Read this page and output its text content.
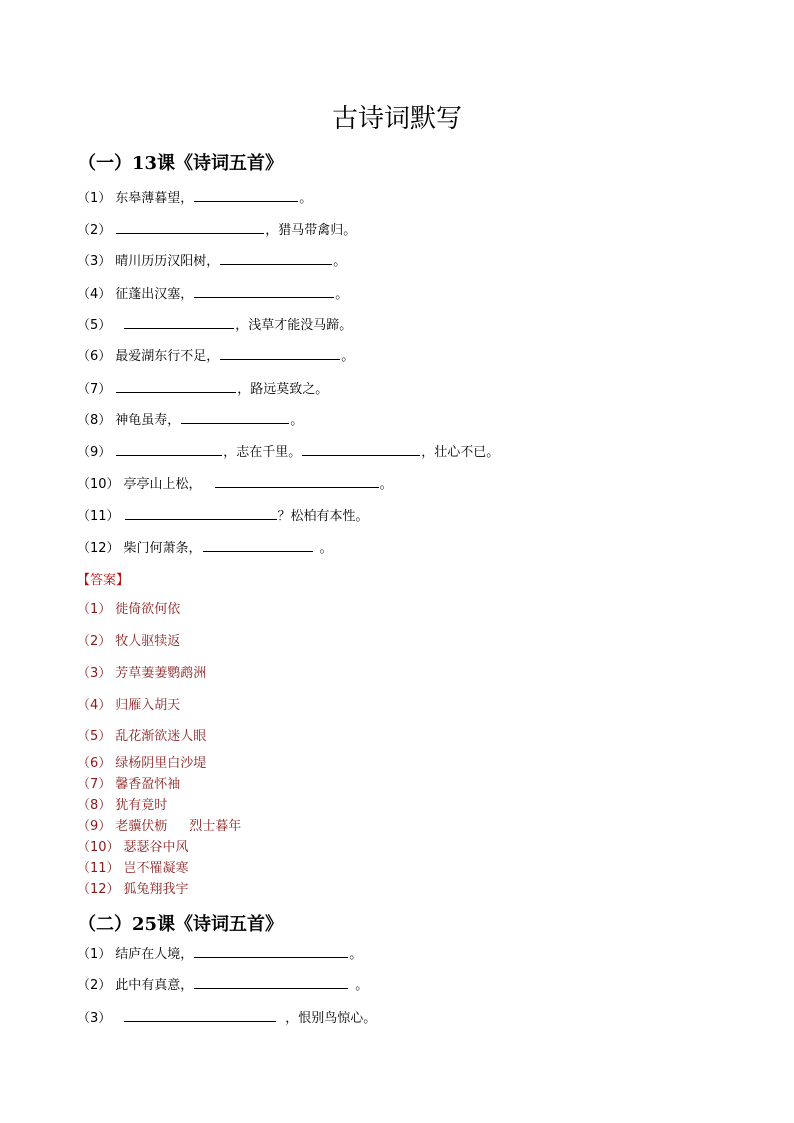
古诗词默写
（一）13课《诗词五首》
（1） 东皋薄暮望，	。
（2）	，猎马带禽归。
（3） 晴川历历汉阳树，	。
（4） 征蓬出汉塞，	。
（5）	，浅草才能没马蹄。
（6） 最爱湖东行不足，	。
（7）	，路远莫致之。
（8） 神龟虽寿，	。
（9）	，志在千里。	，壮心不已。
（10） 亭亭山上松，	。
（11）	？松柏有本性。
（12） 柴门何萧条，	。
【答案】
（1） 徙倚欲何依
（2） 牧人驱犊返
（3） 芳草萋萋鹦鹉洲
（4） 归雁入胡天
（5） 乱花渐欲迷人眼
（6） 绿杨阴里白沙堤
（7） 馨香盈怀袖
（8） 犹有竟时
（9） 老骥伏枥 烈士暮年
（10） 瑟瑟谷中风
（11） 岂不罹凝寒
（12） 狐兔翔我宇
（二）25课《诗词五首》
（1） 结庐在人境，	。
（2） 此中有真意，	。
（3）	，恨别鸟惊心。
